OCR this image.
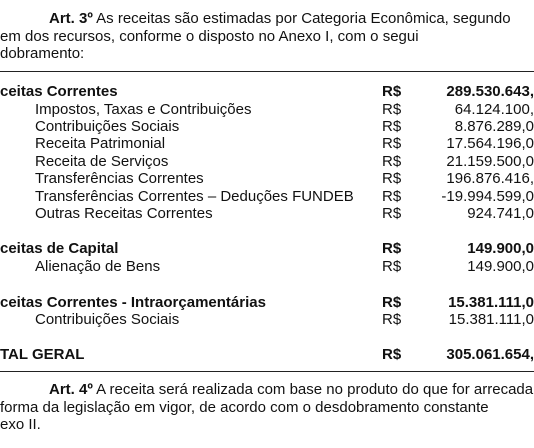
Art. 3º As receitas são estimadas por Categoria Econômica, segundo
em dos recursos, conforme o disposto no Anexo I, com o segui
dobramento:
ceitas Correntes	R$	289.530.643,
Impostos, Taxas e Contribuições	R$	64.124.100,
Contribuições Sociais	R$	8.876.289,0
Receita Patrimonial	R$	17.564.196,0
Receita de Serviços	R$	21.159.500,0
Transferências Correntes	R$	196.876.416,
Transferências Correntes – Deduções FUNDEB R$	-19.994.599,0
Outras Receitas Correntes	R$	924.741,0
ceitas de Capital	R$	149.900,0
Alienação de Bens	R$	149.900,0
ceitas Correntes - Intraorçamentárias	R$	15.381.111,0
Contribuições Sociais	R$	15.381.111,0
TAL GERAL	R$	305.061.654,
Art. 4º A receita será realizada com base no produto do que for arrecada
forma da legislação em vigor, de acordo com o desdobramento constante
exo II.
